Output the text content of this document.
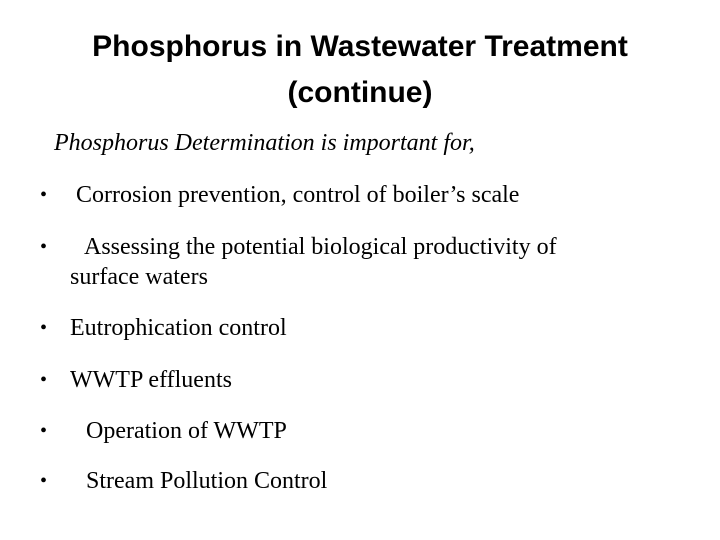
Phosphorus in Wastewater Treatment
(continue)

Phosphorus Determination is important for,

• Corrosion prevention, control of boiler’s scale
•	Assessing the potential biological productivity of
surface waters
• Eutrophication control
• WWTP effluents
• Operation of WWTP
• Stream Pollution Control
